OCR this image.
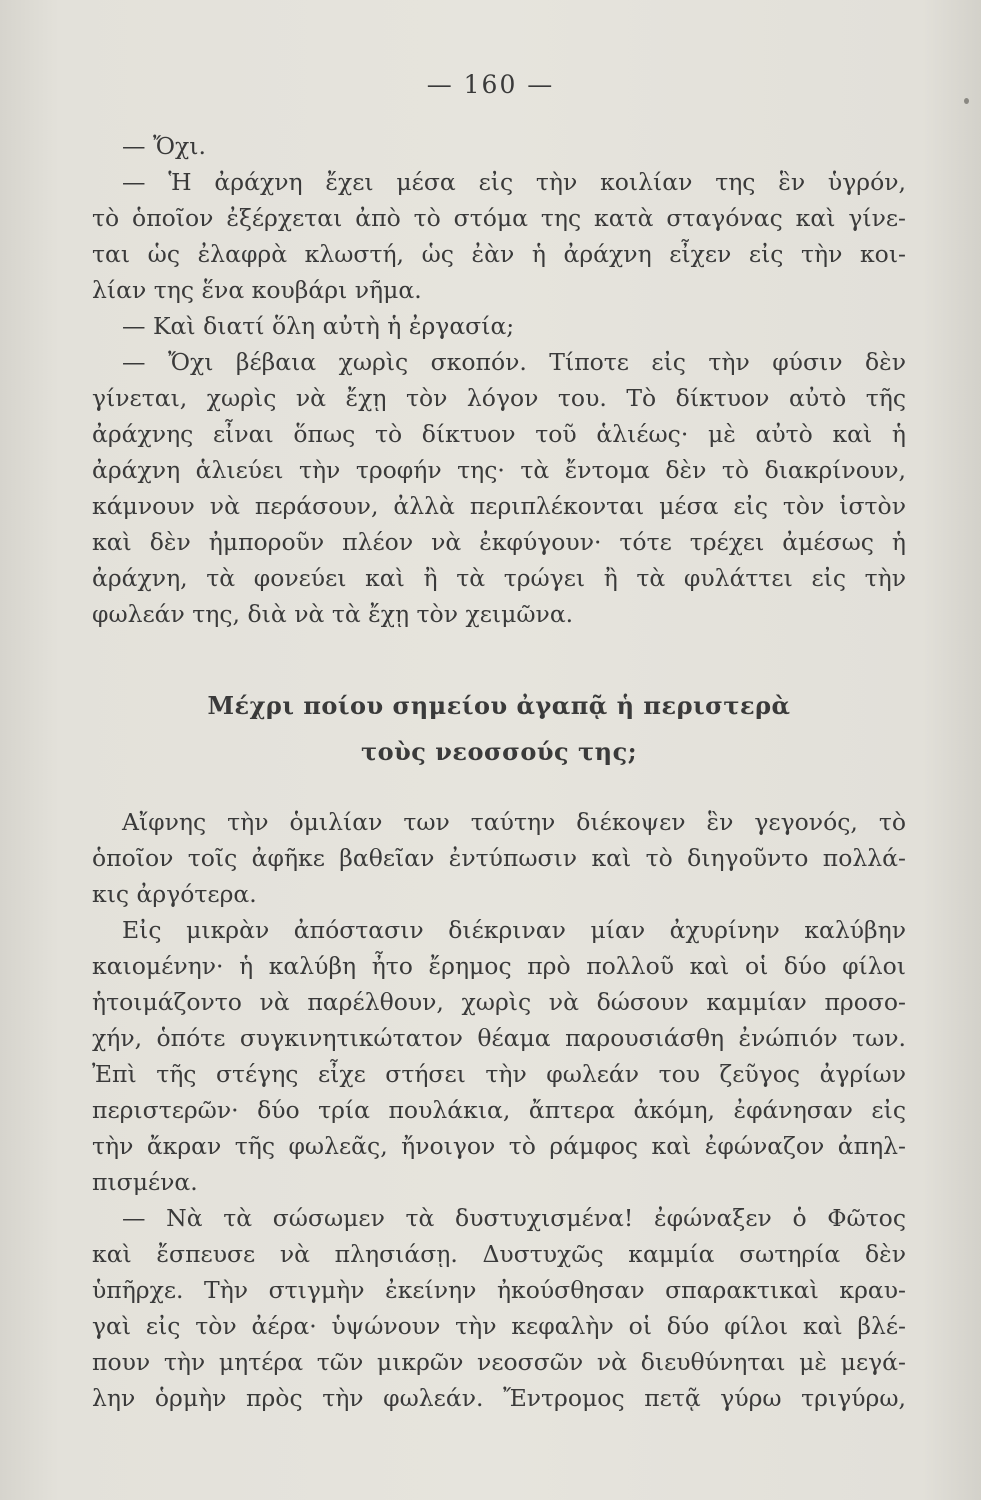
— 160 —
— Ὄχι.
— Ἡ ἀράχνη ἔχει μέσα εἰς τὴν κοιλίαν της ἓν ὑγρόν,
τὸ ὁποῖον ἐξέρχεται ἀπὸ τὸ στόμα της κατὰ σταγόνας καὶ γίνε-
ται ὡς ἐλαφρὰ κλωστή, ὡς ἐὰν ἡ ἀράχνη εἶχεν εἰς τὴν κοι-
λίαν της ἕνα κουβάρι νῆμα.
— Καὶ διατί ὅλη αὐτὴ ἡ ἐργασία;
— Ὄχι βέβαια χωρὶς σκοπόν. Τίποτε εἰς τὴν φύσιν δὲν
γίνεται, χωρὶς νὰ ἔχῃ τὸν λόγον του. Τὸ δίκτυον αὐτὸ τῆς
ἀράχνης εἶναι ὅπως τὸ δίκτυον τοῦ ἁλιέως· μὲ αὐτὸ καὶ ἡ
ἀράχνη ἁλιεύει τὴν τροφήν της· τὰ ἔντομα δὲν τὸ διακρίνουν,
κάμνουν νὰ περάσουν, ἀλλὰ περιπλέκονται μέσα εἰς τὸν ἱστὸν
καὶ δὲν ἠμποροῦν πλέον νὰ ἐκφύγουν· τότε τρέχει ἀμέσως ἡ
ἀράχνη, τὰ φονεύει καὶ ἢ τὰ τρώγει ἢ τὰ φυλάττει εἰς τὴν
φωλεάν της, διὰ νὰ τὰ ἔχῃ τὸν χειμῶνα.
Μέχρι ποίου σημείου ἀγαπᾷ ἡ περιστερὰ
τοὺς νεοσσούς της;
Αἴφνης τὴν ὁμιλίαν των ταύτην διέκοψεν ἓν γεγονός, τὸ
ὁποῖον τοῖς ἀφῆκε βαθεῖαν ἐντύπωσιν καὶ τὸ διηγοῦντο πολλά-
κις ἀργότερα.
Εἰς μικρὰν ἀπόστασιν διέκριναν μίαν ἀχυρίνην καλύβην
καιομένην· ἡ καλύβη ἦτο ἔρημος πρὸ πολλοῦ καὶ οἱ δύο φίλοι
ἡτοιμάζοντο νὰ παρέλθουν, χωρὶς νὰ δώσουν καμμίαν προσο-
χήν, ὁπότε συγκινητικώτατον θέαμα παρουσιάσθη ἐνώπιόν των.
Ἐπὶ τῆς στέγης εἶχε στήσει τὴν φωλεάν του ζεῦγος ἀγρίων
περιστερῶν· δύο τρία πουλάκια, ἄπτερα ἀκόμη, ἐφάνησαν εἰς
τὴν ἄκραν τῆς φωλεᾶς, ἤνοιγον τὸ ράμφος καὶ ἐφώναζον ἀπηλ-
πισμένα.
— Νὰ τὰ σώσωμεν τὰ δυστυχισμένα! ἐφώναξεν ὁ Φῶτος
καὶ ἔσπευσε νὰ πλησιάσῃ. Δυστυχῶς καμμία σωτηρία δὲν
ὑπῆρχε. Τὴν στιγμὴν ἐκείνην ἠκούσθησαν σπαρακτικαὶ κραυ-
γαὶ εἰς τὸν ἀέρα· ὑψώνουν τὴν κεφαλὴν οἱ δύο φίλοι καὶ βλέ-
πουν τὴν μητέρα τῶν μικρῶν νεοσσῶν νὰ διευθύνηται μὲ μεγά-
λην ὁρμὴν πρὸς τὴν φωλεάν. Ἔντρομος πετᾷ γύρω τριγύρω,
